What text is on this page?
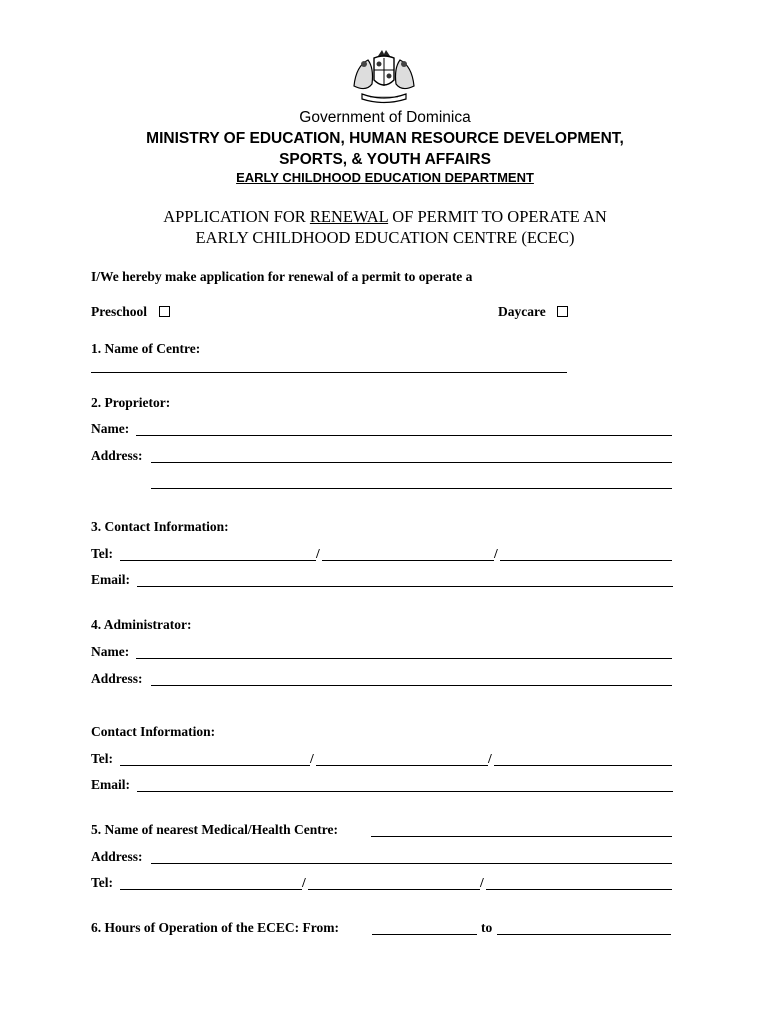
Government of Dominica
MINISTRY OF EDUCATION, HUMAN RESOURCE DEVELOPMENT,
SPORTS, & YOUTH AFFAIRS
EARLY CHILDHOOD EDUCATION DEPARTMENT
APPLICATION FOR RENEWAL OF PERMIT TO OPERATE AN
EARLY CHILDHOOD EDUCATION CENTRE (ECEC)
I/We hereby make application for renewal of a permit to operate a
Preschool	Daycare
1. Name of Centre:
2. Proprietor:
Name:
Address:
3. Contact Information:
Tel:	/	/
Email:
4. Administrator:
Name:
Address:
Contact Information:
Tel:	/	/
Email:
5. Name of nearest Medical/Health Centre:
Address:
Tel:	/	/
6. Hours of Operation of the ECEC: From:	to
